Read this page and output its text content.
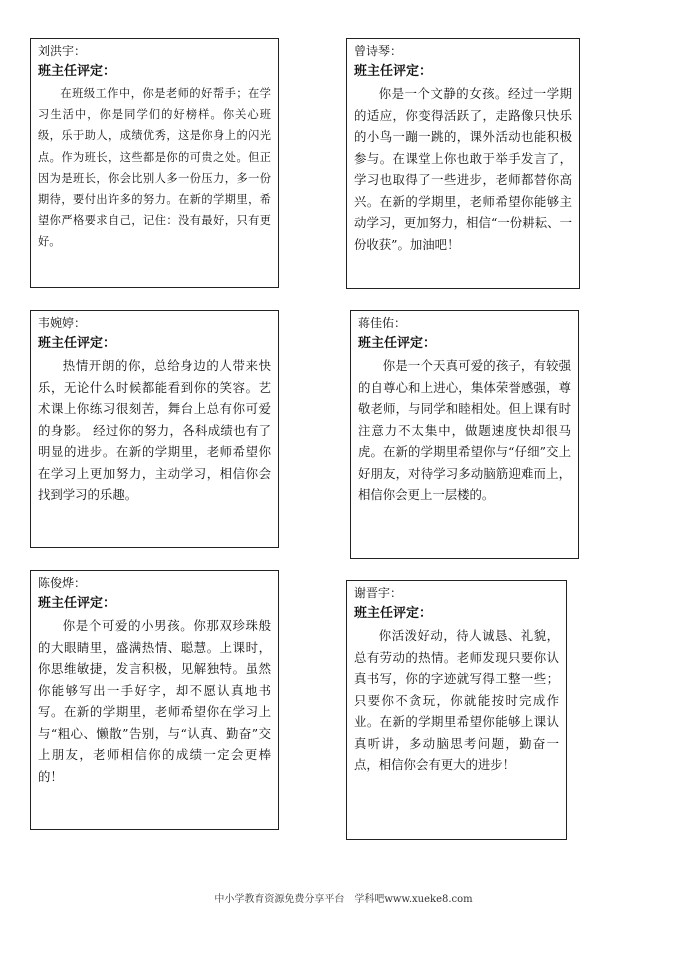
刘洪宇：
班主任评定：
在班级工作中，你是老师的好帮手；在学习生活中，你是同学们的好榜样。你关心班级，乐于助人，成绩优秀，这是你身上的闪光点。作为班长，这些都是你的可贵之处。但正因为是班长，你会比别人多一份压力，多一份期待，要付出许多的努力。在新的学期里，希望你严格要求自己，记住：没有最好，只有更好。
曾诗琴：
班主任评定：
你是一个文静的女孩。经过一学期的适应，你变得活跃了，走路像只快乐的小鸟一蹦一跳的，课外活动也能积极参与。在课堂上你也敢于举手发言了，学习也取得了一些进步，老师都替你高兴。在新的学期里，老师希望你能够主动学习，更加努力，相信“一份耕耘、一份收获”。加油吧！
韦婉婷：
班主任评定：
热情开朗的你，总给身边的人带来快乐，无论什么时候都能看到你的笑容。艺术课上你练习很刻苦，舞台上总有你可爱的身影。 经过你的努力，各科成绩也有了明显的进步。在新的学期里，老师希望你在学习上更加努力，主动学习，相信你会找到学习的乐趣。
蒋佳佑：
班主任评定：
你是一个天真可爱的孩子，有较强的自尊心和上进心，集体荣誉感强，尊敬老师，与同学和睦相处。但上课有时注意力不太集中，做题速度快却很马虎。在新的学期里希望你与“仔细”交上好朋友，对待学习多动脑筋迎难而上，相信你会更上一层楼的。
陈俊烨：
班主任评定：
你是个可爱的小男孩。你那双珍珠般的大眼睛里，盛满热情、聪慧。上课时，你思维敏捷，发言积极，见解独特。虽然你能够写出一手好字，却不愿认真地书写。在新的学期里，老师希望你在学习上与“粗心、懒散”告别，与“认真、勤奋”交上朋友，老师相信你的成绩一定会更棒的！
谢晋宇：
班主任评定：
你活泼好动，待人诚恳、礼貌，总有劳动的热情。老师发现只要你认真书写，你的字迹就写得工整一些；只要你不贪玩，你就能按时完成作业。在新的学期里希望你能够上课认真听讲，多动脑思考问题，勤奋一点，相信你会有更大的进步！
中小学教育资源免费分享平台　学科吧www.xueke8.com
